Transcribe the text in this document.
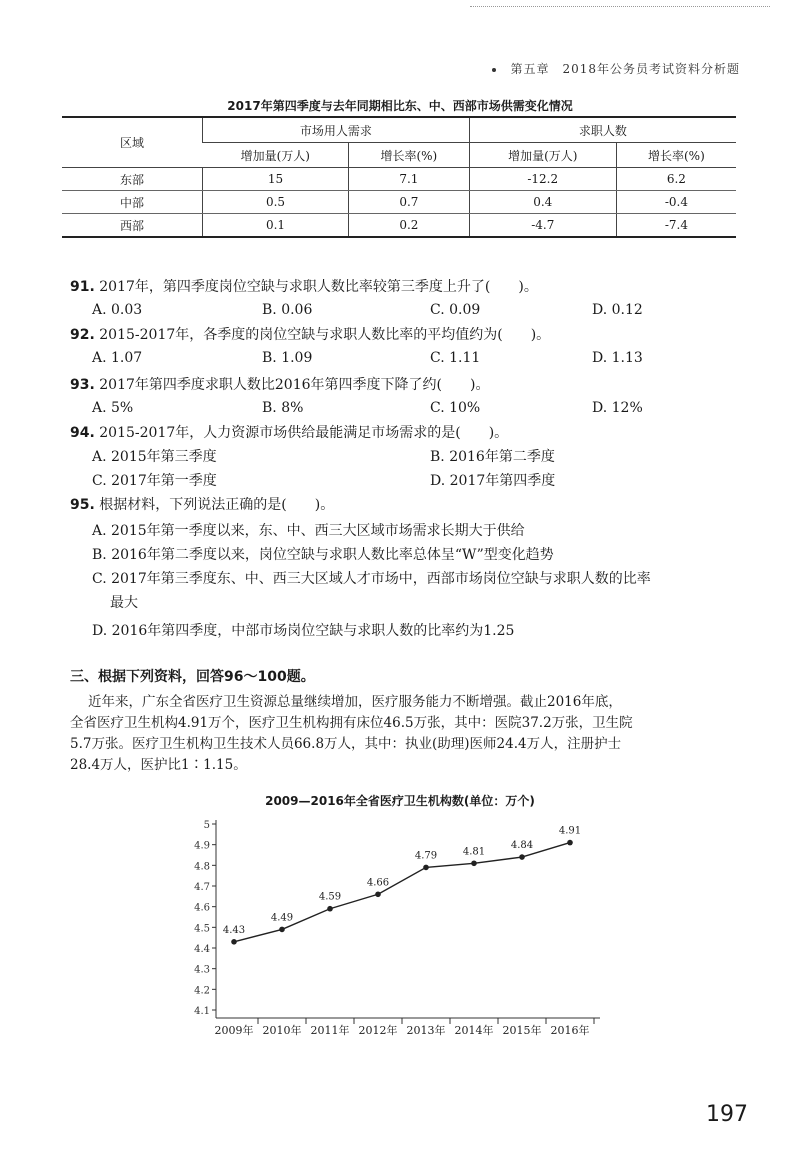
第五章　2018年公务员考试资料分析题
2017年第四季度与去年同期相比东、中、西部市场供需变化情况
区域	市场用人需求		求职人数	
	增加量(万人)	增长率(%)	增加量(万人)	增长率(%)
东部	15	7.1	-12.2	6.2
中部	0.5	0.7	0.4	-0.4
西部	0.1	0.2	-4.7	-7.4
91. 2017年，第四季度岗位空缺与求职人数比率较第三季度上升了(　　)。
A. 0.03	B. 0.06	C. 0.09	D. 0.12
92. 2015-2017年，各季度的岗位空缺与求职人数比率的平均值约为(　　)。
A. 1.07	B. 1.09	C. 1.11	D. 1.13
93. 2017年第四季度求职人数比2016年第四季度下降了约(　　)。
A. 5%	B. 8%	C. 10%	D. 12%
94. 2015-2017年，人力资源市场供给最能满足市场需求的是(　　)。
A. 2015年第三季度	B. 2016年第二季度
C. 2017年第一季度	D. 2017年第四季度
95. 根据材料，下列说法正确的是(　　)。
A. 2015年第一季度以来，东、中、西三大区域市场需求长期大于供给
B. 2016年第二季度以来，岗位空缺与求职人数比率总体呈“W”型变化趋势
C. 2017年第三季度东、中、西三大区域人才市场中，西部市场岗位空缺与求职人数的比率
最大
D. 2016年第四季度，中部市场岗位空缺与求职人数的比率约为1.25
三、根据下列资料，回答96～100题。

近年来，广东全省医疗卫生资源总量继续增加，医疗服务能力不断增强。截止2016年底，

全省医疗卫生机构4.91万个，医疗卫生机构拥有床位46.5万张，其中：医院37.2万张，卫生院

5.7万张。医疗卫生机构卫生技术人员66.8万人，其中：执业(助理)医师24.4万人，注册护士

28.4万人，医护比1∶1.15。

2009—2016年全省医疗卫生机构数(单位：万个)
4.1
4.2
4.3
4.4
4.5
4.6
4.7
4.8
4.9
5
2009年 2010年 2011年 2012年 2013年 2014年 2015年 2016年
4.43
4.49
4.59
4.66
4.79	4.81
4.84
4.91
197
